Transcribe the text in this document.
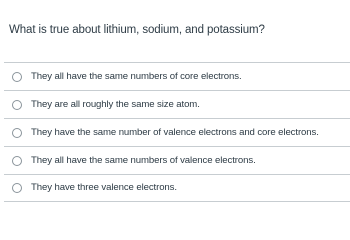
What is true about lithium, sodium, and potassium?
They all have the same numbers of core electrons.
They are all roughly the same size atom.
They have the same number of valence electrons and core electrons.
They all have the same numbers of valence electrons.
They have three valence electrons.
